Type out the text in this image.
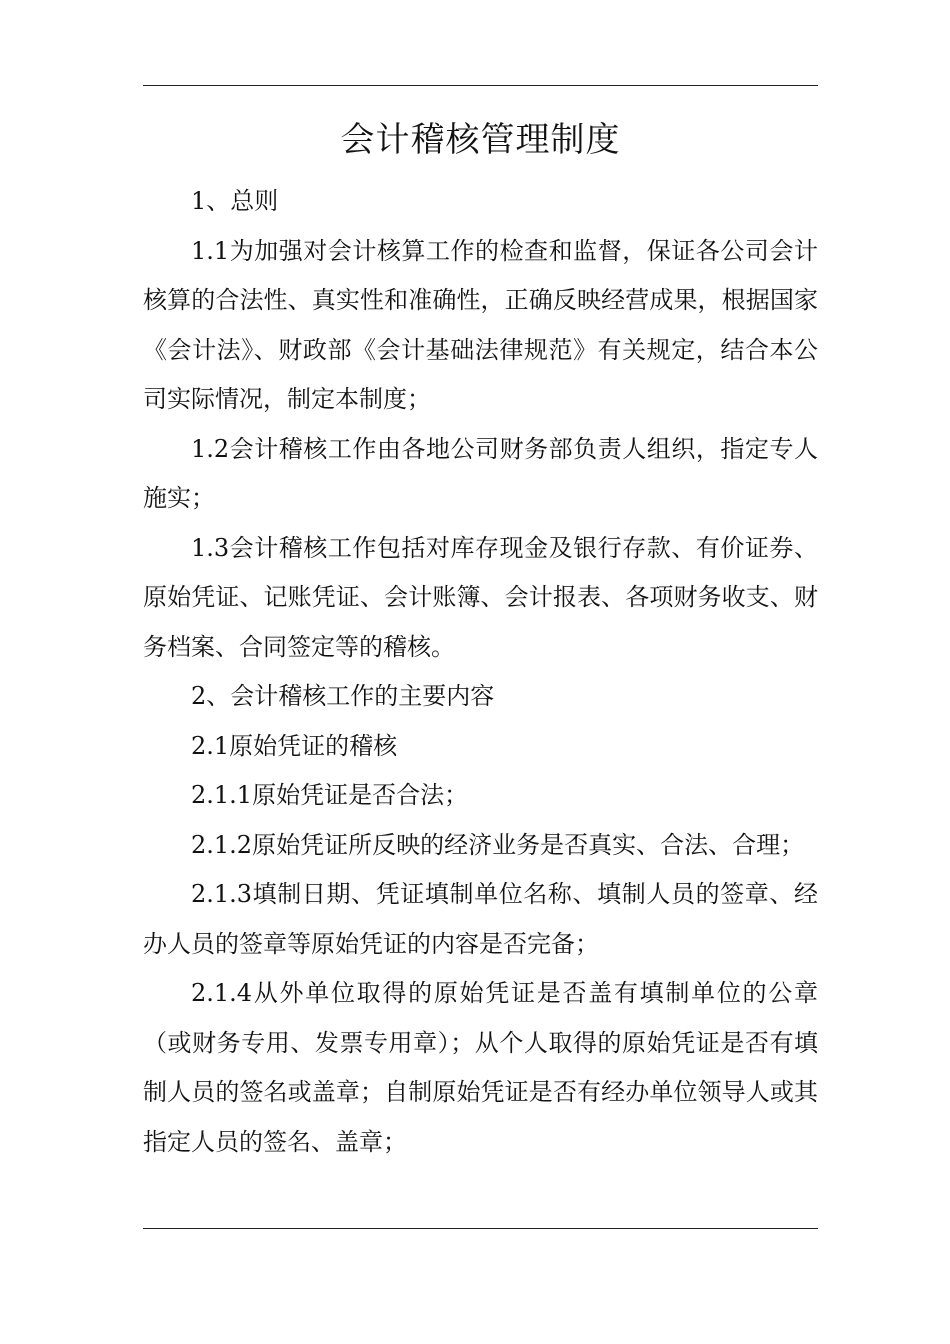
会计稽核管理制度

1、总则

1.1为加强对会计核算工作的检查和监督，保证各公司会计核算的合法性、真实性和准确性，正确反映经营成果，根据国家《会计法》、财政部《会计基础法律规范》有关规定，结合本公司实际情况，制定本制度；

1.2会计稽核工作由各地公司财务部负责人组织，指定专人施实；

1.3会计稽核工作包括对库存现金及银行存款、有价证券、原始凭证、记账凭证、会计账簿、会计报表、各项财务收支、财务档案、合同签定等的稽核。

2、会计稽核工作的主要内容

2.1原始凭证的稽核

2.1.1原始凭证是否合法；

2.1.2原始凭证所反映的经济业务是否真实、合法、合理；

2.1.3填制日期、凭证填制单位名称、填制人员的签章、经办人员的签章等原始凭证的内容是否完备；

2.1.4从外单位取得的原始凭证是否盖有填制单位的公章（或财务专用、发票专用章）；从个人取得的原始凭证是否有填制人员的签名或盖章；自制原始凭证是否有经办单位领导人或其指定人员的签名、盖章；
